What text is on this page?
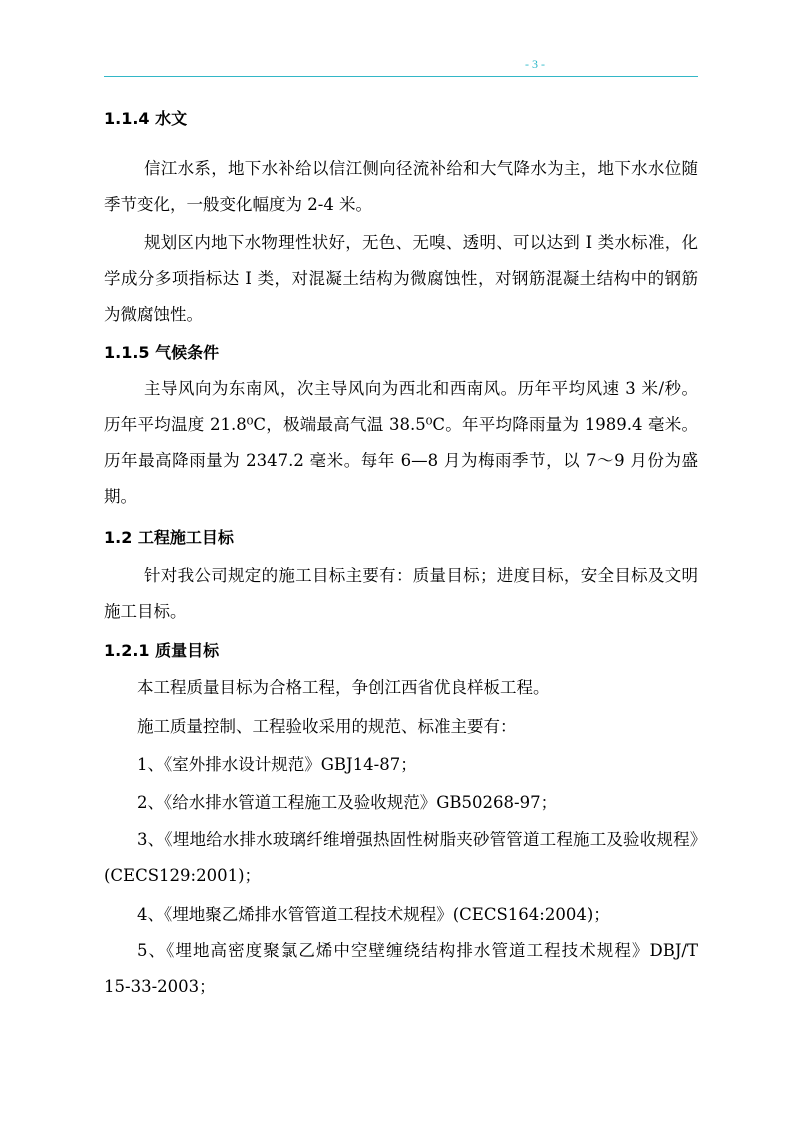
- 3 -
1.1.4 水文

信江水系，地下水补给以信江侧向径流补给和大气降水为主，地下水水位随季节变化，一般变化幅度为 2-4 米。

规划区内地下水物理性状好，无色、无嗅、透明、可以达到 I 类水标准，化学成分多项指标达 I 类，对混凝土结构为微腐蚀性，对钢筋混凝土结构中的钢筋为微腐蚀性。

1.1.5 气候条件

主导风向为东南风，次主导风向为西北和西南风。历年平均风速 3 米/秒。历年平均温度 21.8⁰C，极端最高气温 38.5⁰C。年平均降雨量为 1989.4 毫米。历年最高降雨量为 2347.2 毫米。每年 6—8 月为梅雨季节，以 7～9 月份为盛期。

1.2 工程施工目标

针对我公司规定的施工目标主要有：质量目标；进度目标，安全目标及文明施工目标。

1.2.1 质量目标

本工程质量目标为合格工程，争创江西省优良样板工程。

施工质量控制、工程验收采用的规范、标准主要有：

1、《室外排水设计规范》GBJ14-87；

2、《给水排水管道工程施工及验收规范》GB50268-97；

3、《埋地给水排水玻璃纤维增强热固性树脂夹砂管管道工程施工及验收规程》(CECS129:2001)；

4、《埋地聚乙烯排水管管道工程技术规程》(CECS164:2004)；

5、《埋地高密度聚氯乙烯中空壁缠绕结构排水管道工程技术规程》DBJ/T 15-33-2003；
